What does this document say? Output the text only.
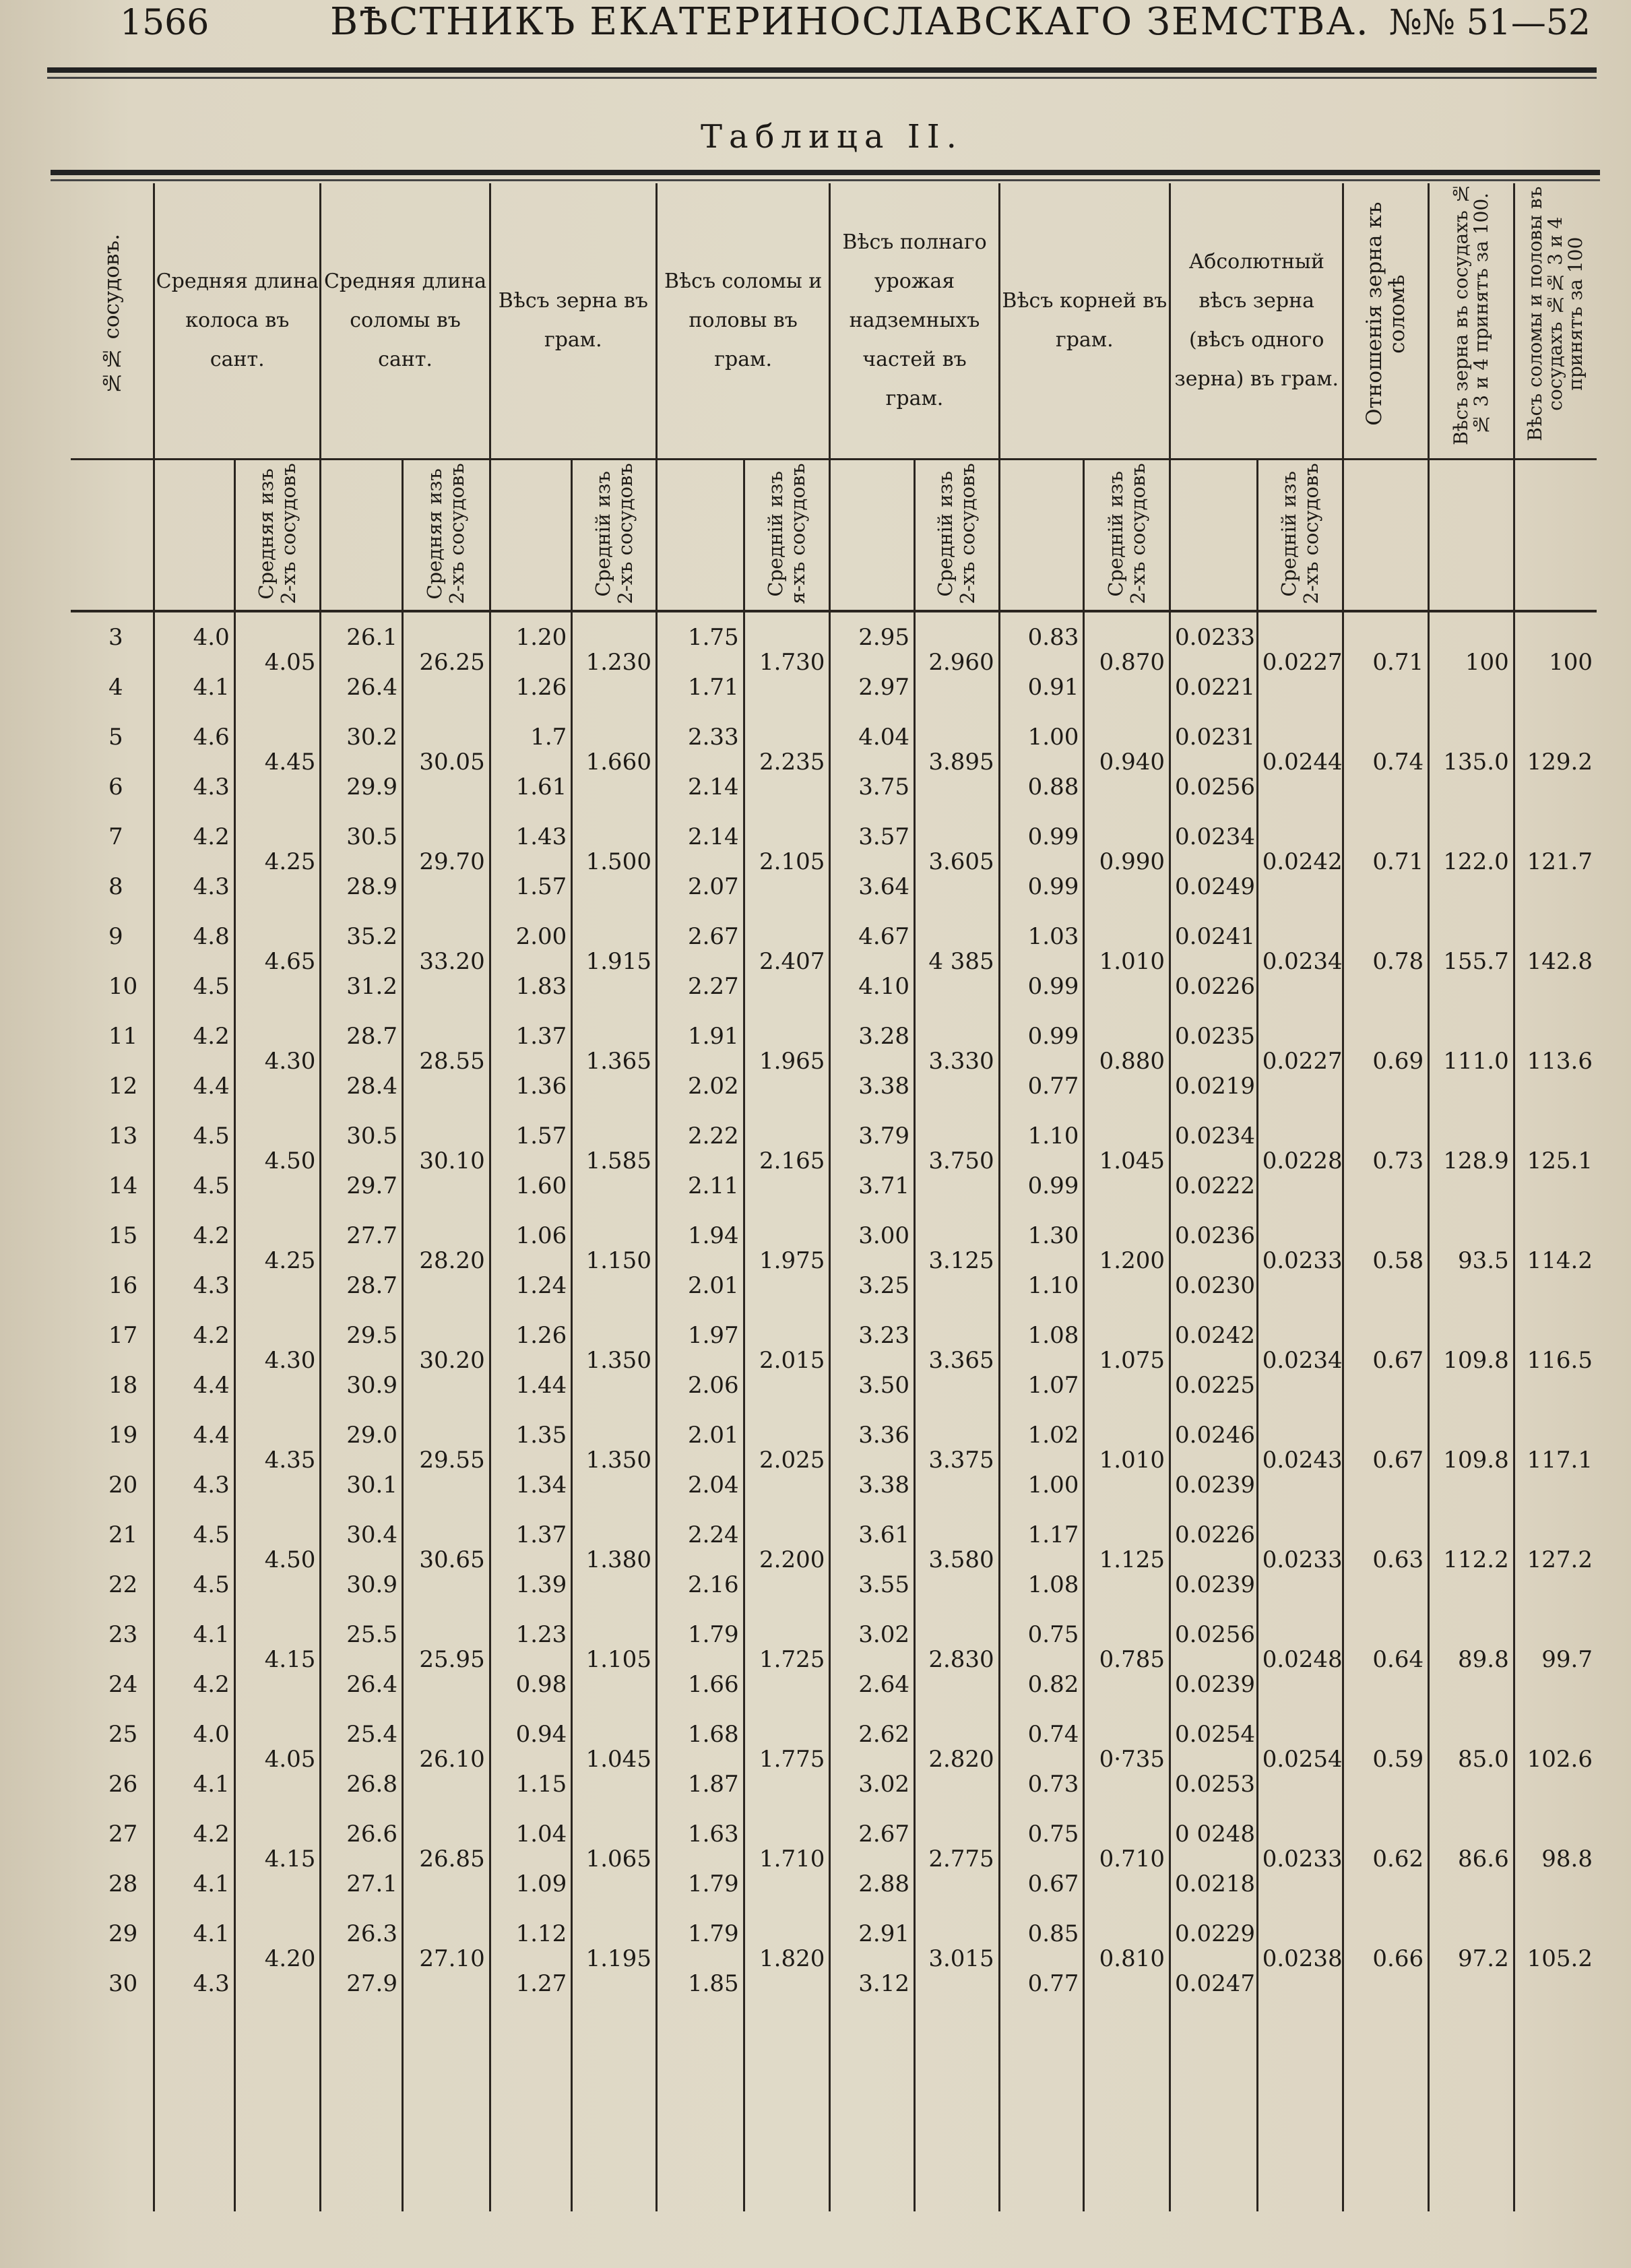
1566	ВѢСТНИКЪ ЕКАТЕРИНОСЛАВСКАГО ЗЕМСТВА. №№ 51—52
Таблица II.
№№ сосудовъ.	Средняя длина колоса въ сант.		Средняя длина соломы въ сант.		Вѣсъ зерна въ грам.		Вѣсъ соломы и половы въ грам.		Вѣсъ полнаго урожая надземныхъ частей въ грам.		Вѣсъ корней въ грам.		Абсолютный вѣсъ зерна (вѣсъ одного зерна) въ грам.		Отношенія зерна къ соломѣ	Вѣсъ зерна въ сосудахъ №№ 3 и 4 принятъ за 100.	Вѣсъ соломы и половы въ сосудахъ №№ 3 и 4 принятъ за 100
		Средняя изъ 2-хъ сосудовъ		Средняя изъ 2-хъ сосудовъ		Средній изъ 2-хъ сосудовъ		Средній изъ я-хъ сосудовъ		Средній изъ 2-хъ сосудовъ		Средній изъ 2-хъ сосудовъ		Средній изъ 2-хъ сосудовъ			
3	4.0	4.05	26.1	26.25	1.20	1.230	1.75	1.730	2.95	2.960	0.83	0.870	0.0233	0.0227	0.71	100	100
4	4.1		26.4		1.26		1.71		2.97		0.91		0.0221				
5	4.6	4.45	30.2	30.05	1.7	1.660	2.33	2.235	4.04	3.895	1.00	0.940	0.0231	0.0244	0.74	135.0	129.2
6	4.3		29.9		1.61		2.14		3.75		0.88		0.0256				
7	4.2	4.25	30.5	29.70	1.43	1.500	2.14	2.105	3.57	3.605	0.99	0.990	0.0234	0.0242	0.71	122.0	121.7
8	4.3		28.9		1.57		2.07		3.64		0.99		0.0249				
9	4.8	4.65	35.2	33.20	2.00	1.915	2.67	2.407	4.67	4 385	1.03	1.010	0.0241	0.0234	0.78	155.7	142.8
10	4.5		31.2		1.83		2.27		4.10		0.99		0.0226				
11	4.2	4.30	28.7	28.55	1.37	1.365	1.91	1.965	3.28	3.330	0.99	0.880	0.0235	0.0227	0.69	111.0	113.6
12	4.4		28.4		1.36		2.02		3.38		0.77		0.0219				
13	4.5	4.50	30.5	30.10	1.57	1.585	2.22	2.165	3.79	3.750	1.10	1.045	0.0234	0.0228	0.73	128.9	125.1
14	4.5		29.7		1.60		2.11		3.71		0.99		0.0222				
15	4.2	4.25	27.7	28.20	1.06	1.150	1.94	1.975	3.00	3.125	1.30	1.200	0.0236	0.0233	0.58	93.5	114.2
16	4.3		28.7		1.24		2.01		3.25		1.10		0.0230				
17	4.2	4.30	29.5	30.20	1.26	1.350	1.97	2.015	3.23	3.365	1.08	1.075	0.0242	0.0234	0.67	109.8	116.5
18	4.4		30.9		1.44		2.06		3.50		1.07		0.0225				
19	4.4	4.35	29.0	29.55	1.35	1.350	2.01	2.025	3.36	3.375	1.02	1.010	0.0246	0.0243	0.67	109.8	117.1
20	4.3		30.1		1.34		2.04		3.38		1.00		0.0239				
21	4.5	4.50	30.4	30.65	1.37	1.380	2.24	2.200	3.61	3.580	1.17	1.125	0.0226	0.0233	0.63	112.2	127.2
22	4.5		30.9		1.39		2.16		3.55		1.08		0.0239				
23	4.1	4.15	25.5	25.95	1.23	1.105	1.79	1.725	3.02	2.830	0.75	0.785	0.0256	0.0248	0.64	89.8	99.7
24	4.2		26.4		0.98		1.66		2.64		0.82		0.0239				
25	4.0	4.05	25.4	26.10	0.94	1.045	1.68	1.775	2.62	2.820	0.74	0·735	0.0254	0.0254	0.59	85.0	102.6
26	4.1		26.8		1.15		1.87		3.02		0.73		0.0253				
27	4.2	4.15	26.6	26.85	1.04	1.065	1.63	1.710	2.67	2.775	0.75	0.710	0 0248	0.0233	0.62	86.6	98.8
28	4.1		27.1		1.09		1.79		2.88		0.67		0.0218				
29	4.1	4.20	26.3	27.10	1.12	1.195	1.79	1.820	2.91	3.015	0.85	0.810	0.0229	0.0238	0.66	97.2	105.2
30	4.3		27.9		1.27		1.85		3.12		0.77		0.0247				
